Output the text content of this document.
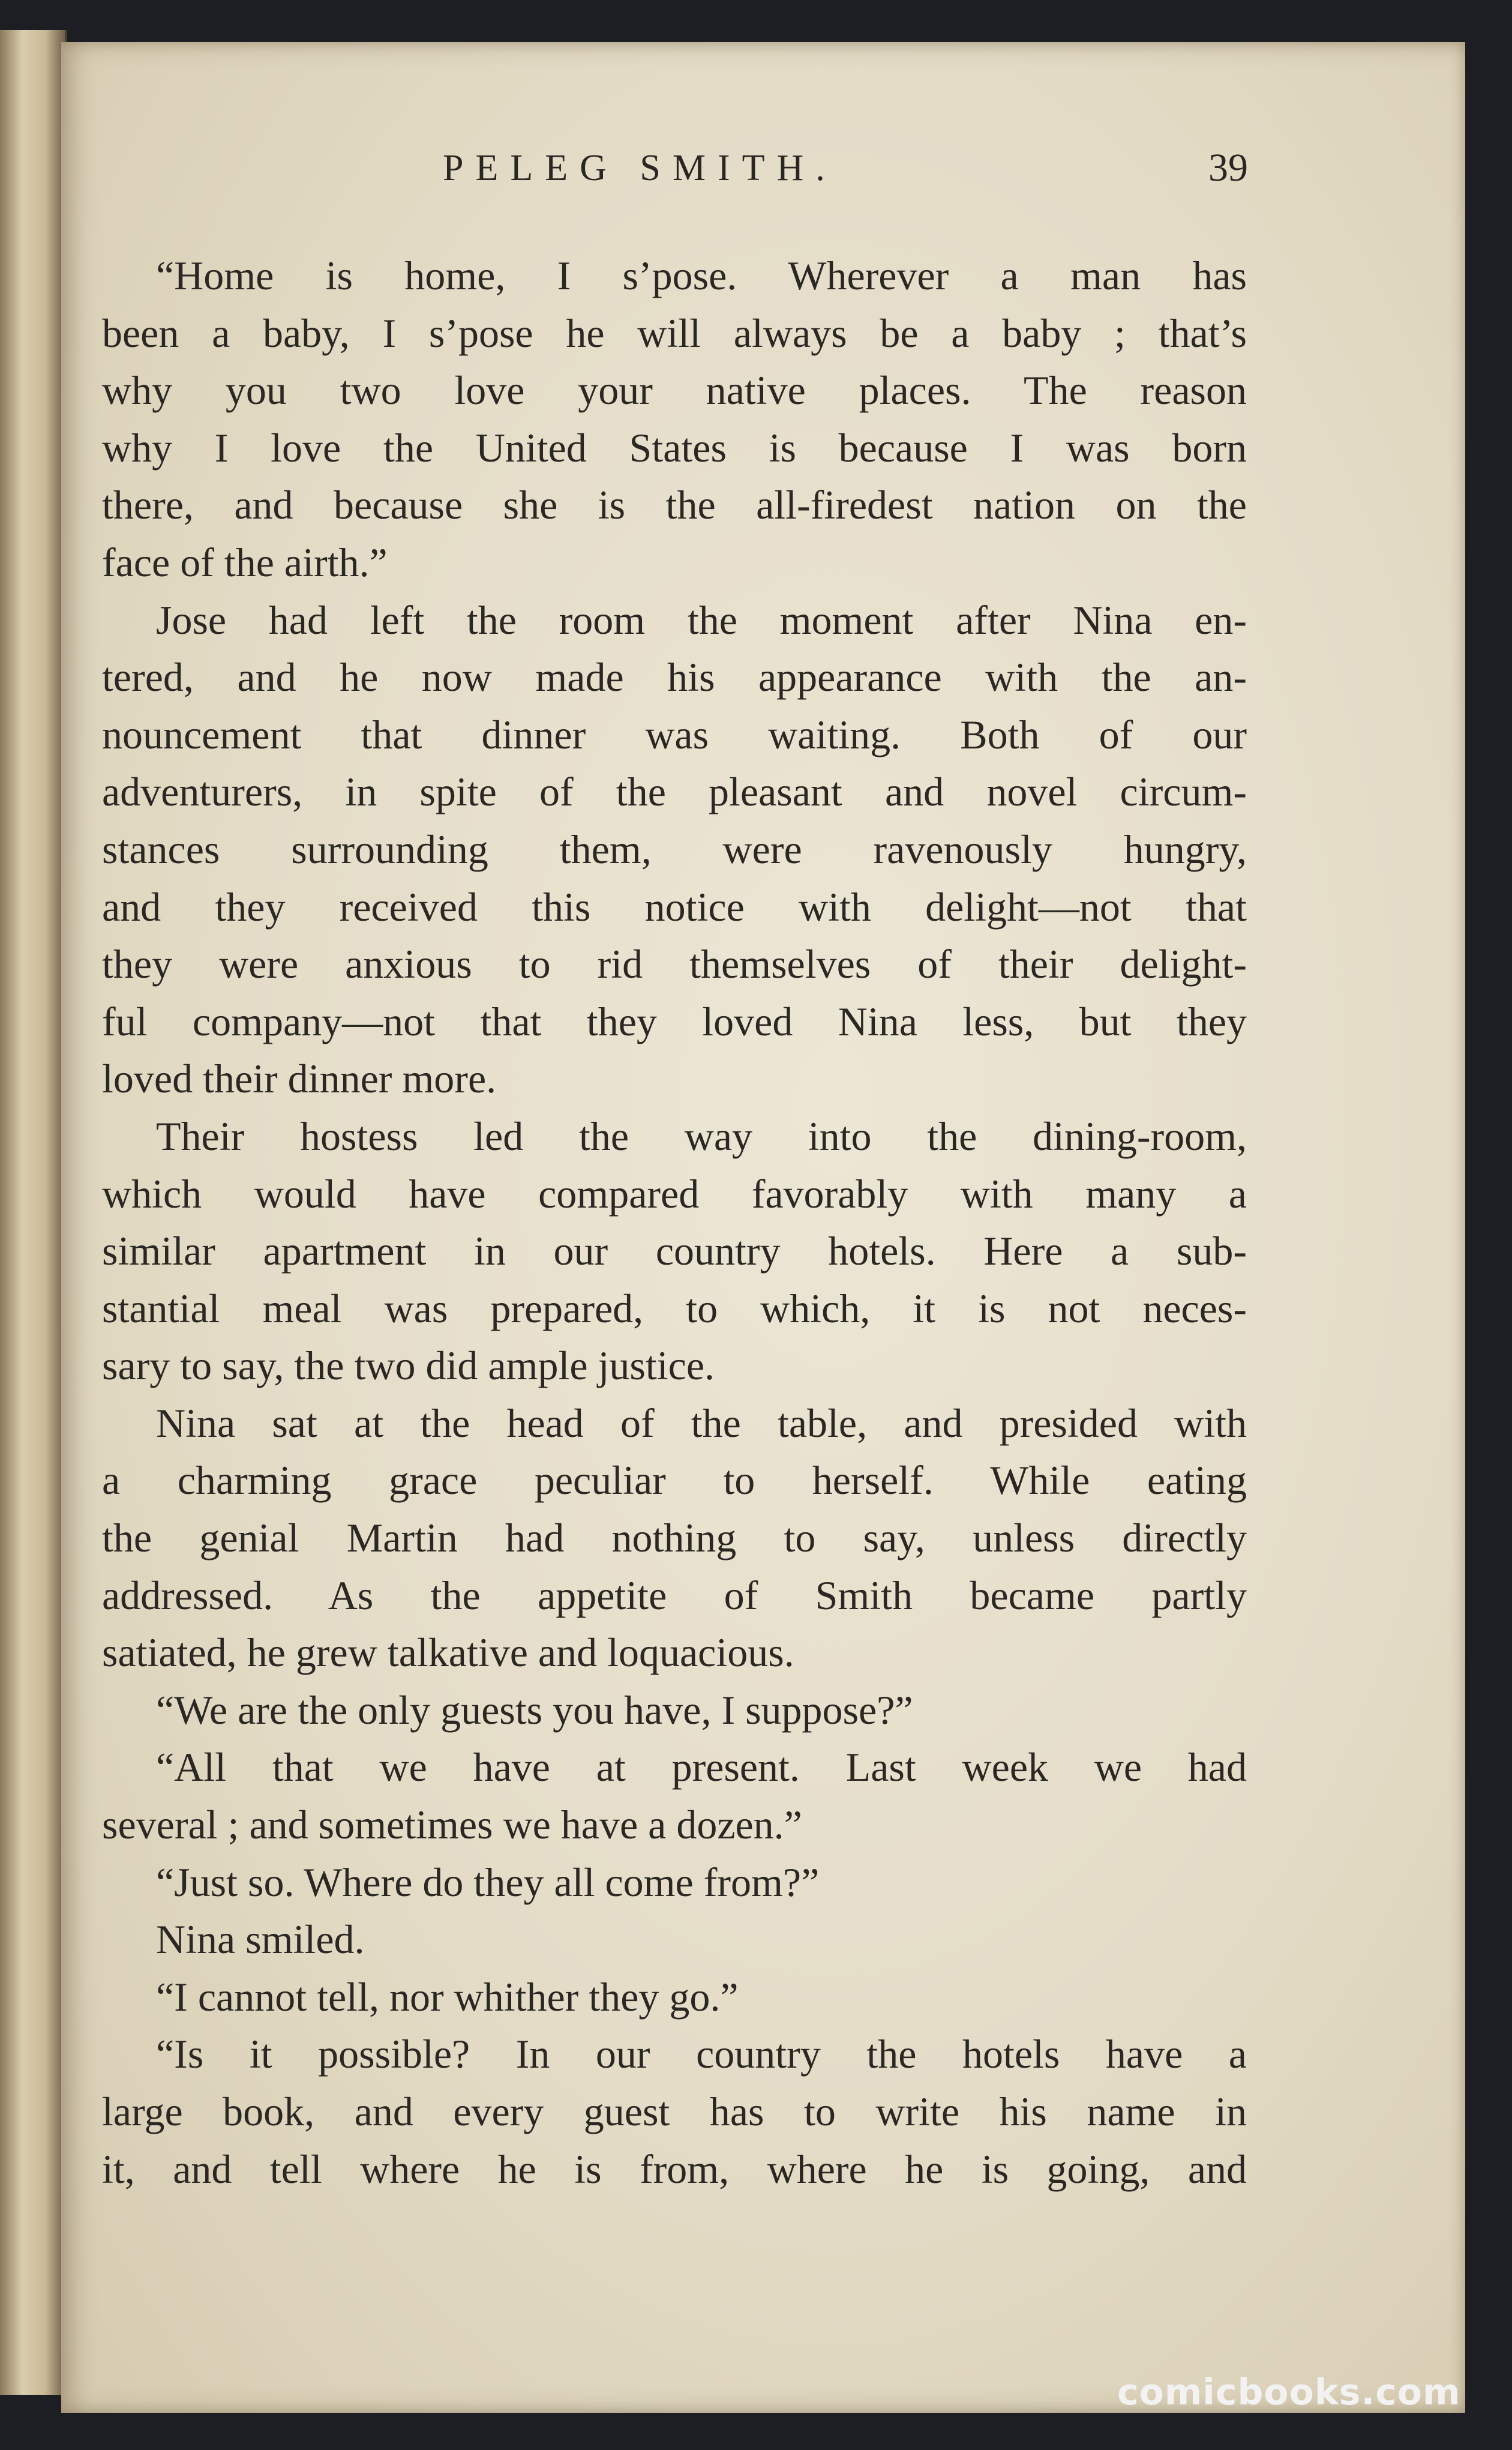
PELEG SMITH.	39
“Home is home, I s’pose. Wherever a man has
been a baby, I s’pose he will always be a baby ; that’s
why you two love your native places. The reason
why I love the United States is because I was born
there, and because she is the all-firedest nation on the
face of the airth.”
Jose had left the room the moment after Nina en-
tered, and he now made his appearance with the an-
nouncement that dinner was waiting. Both of our
adventurers, in spite of the pleasant and novel circum-
stances surrounding them, were ravenously hungry,
and they received this notice with delight—not that
they were anxious to rid themselves of their delight-
ful company—not that they loved Nina less, but they
loved their dinner more.
Their hostess led the way into the dining-room,
which would have compared favorably with many a
similar apartment in our country hotels. Here a sub-
stantial meal was prepared, to which, it is not neces-
sary to say, the two did ample justice.
Nina sat at the head of the table, and presided with
a charming grace peculiar to herself. While eating
the genial Martin had nothing to say, unless directly
addressed. As the appetite of Smith became partly
satiated, he grew talkative and loquacious.
“We are the only guests you have, I suppose?”
“All that we have at present. Last week we had
several ; and sometimes we have a dozen.”
“Just so. Where do they all come from?”
Nina smiled.
“I cannot tell, nor whither they go.”
“Is it possible? In our country the hotels have a
large book, and every guest has to write his name in
it, and tell where he is from, where he is going, and
comicbooks.com
